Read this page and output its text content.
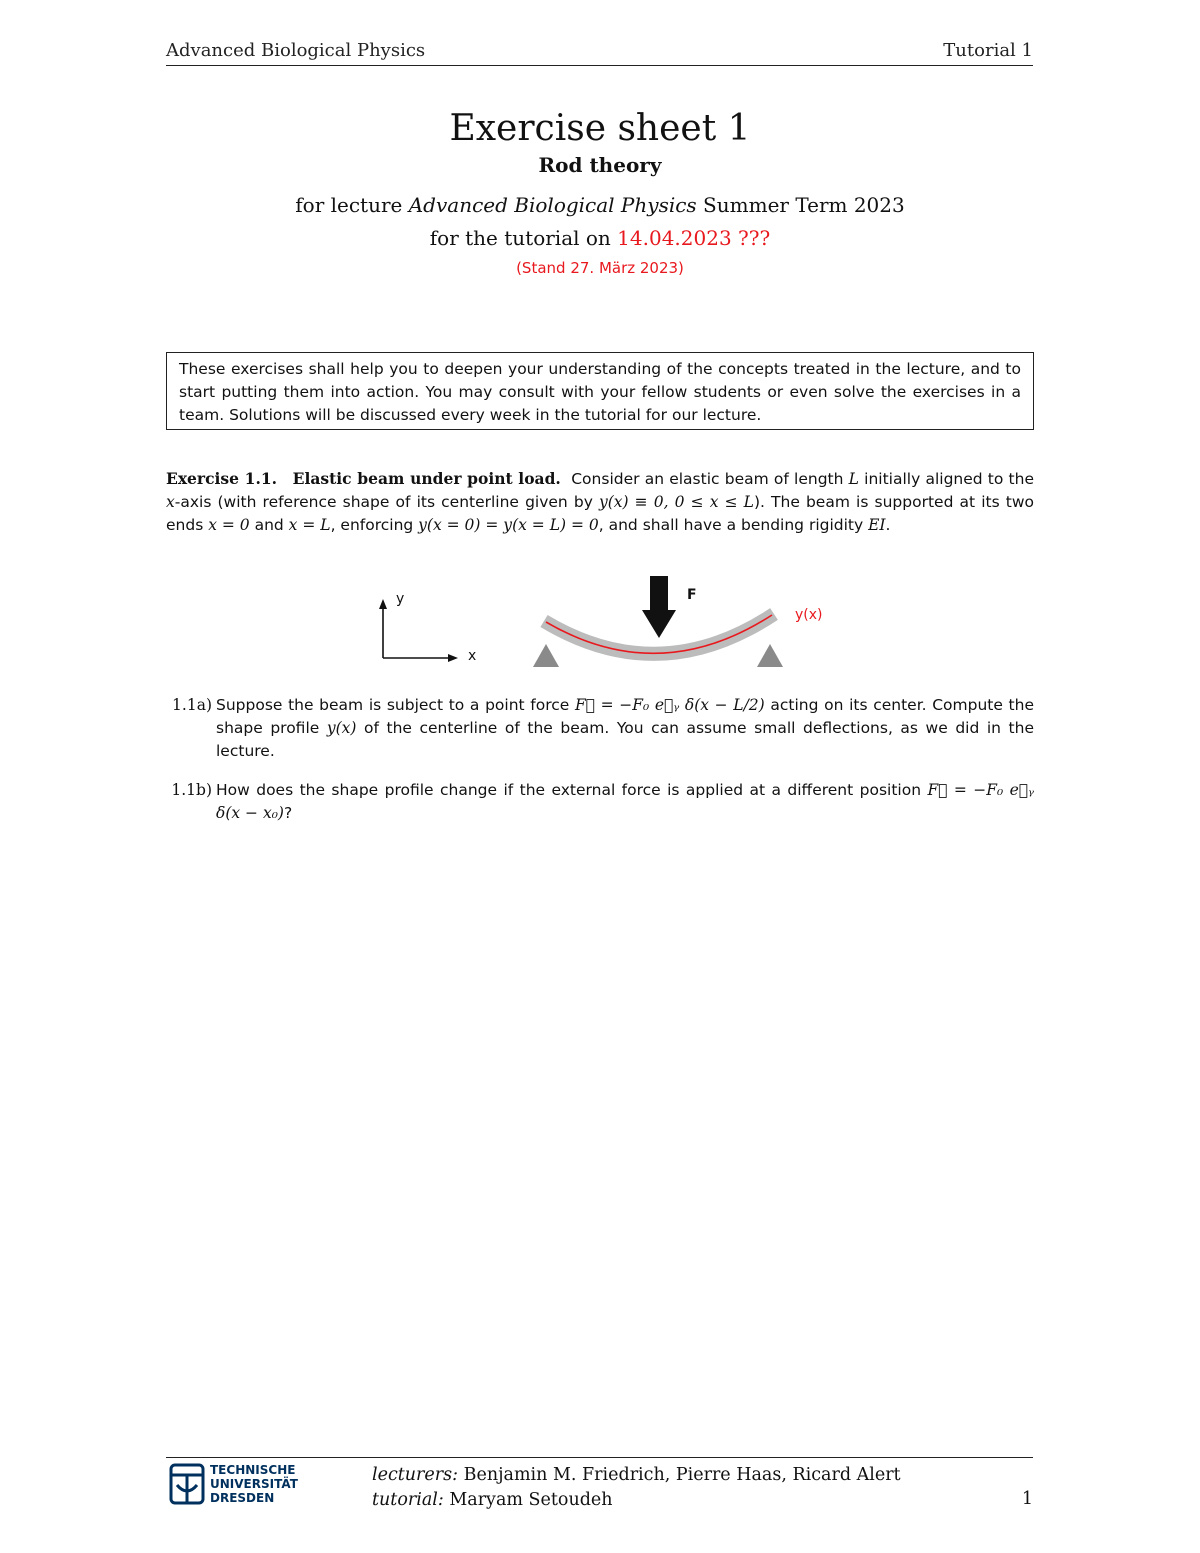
Advanced Biological Physics	Tutorial 1
Exercise sheet 1
Rod theory
for lecture Advanced Biological Physics Summer Term 2023
for the tutorial on 14.04.2023 ???
(Stand 27. März 2023)
These exercises shall help you to deepen your understanding of the concepts treated in the lecture, and to start putting them into action. You may consult with your fellow students or even solve the exercises in a team. Solutions will be discussed every week in the tutorial for our lecture.
Exercise 1.1. Elastic beam under point load. Consider an elastic beam of length L initially aligned to the x-axis (with reference shape of its centerline given by y(x) ≡ 0, 0 ≤ x ≤ L). The beam is supported at its two ends x = 0 and x = L, enforcing y(x = 0) = y(x = L) = 0, and shall have a bending rigidity EI.
y
x
F
y(x)
1.1a) Suppose the beam is subject to a point force F⃗ = −F₀ e⃗ᵧ δ(x − L/2) acting on its center. Compute the shape profile y(x) of the centerline of the beam. You can assume small deflections, as we did in the lecture.
1.1b) How does the shape profile change if the external force is applied at a different position F⃗ = −F₀ e⃗ᵧ δ(x − x₀)?
TECHNISCHE
UNIVERSITÄT
DRESDEN
lecturers: Benjamin M. Friedrich, Pierre Haas, Ricard Alert
tutorial: Maryam Setoudeh	1
